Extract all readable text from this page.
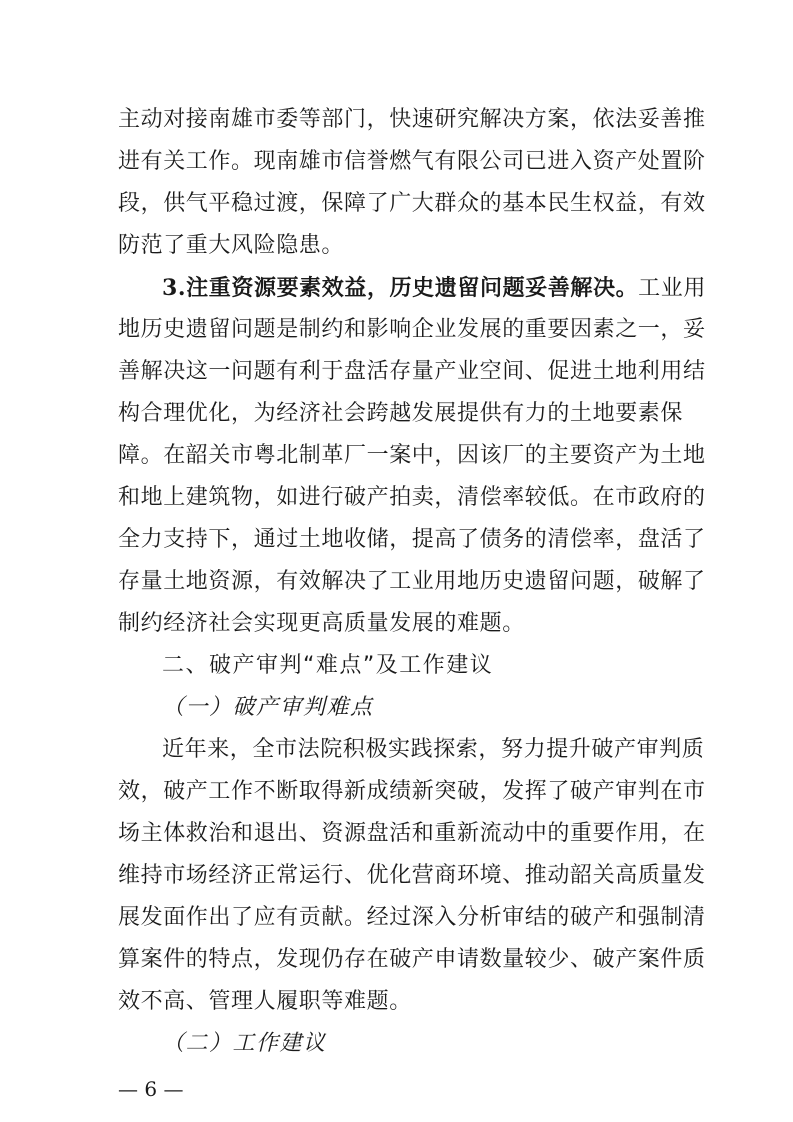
主动对接南雄市委等部门，快速研究解决方案，依法妥善推
进有关工作。现南雄市信誉燃气有限公司已进入资产处置阶
段，供气平稳过渡，保障了广大群众的基本民生权益，有效
防范了重大风险隐患。
3.注重资源要素效益，历史遗留问题妥善解决。工业用
地历史遗留问题是制约和影响企业发展的重要因素之一，妥
善解决这一问题有利于盘活存量产业空间、促进土地利用结
构合理优化，为经济社会跨越发展提供有力的土地要素保
障。在韶关市粤北制革厂一案中，因该厂的主要资产为土地
和地上建筑物，如进行破产拍卖，清偿率较低。在市政府的
全力支持下，通过土地收储，提高了债务的清偿率，盘活了
存量土地资源，有效解决了工业用地历史遗留问题，破解了
制约经济社会实现更高质量发展的难题。
二、破产审判“难点”及工作建议
（一）破产审判难点
近年来，全市法院积极实践探索，努力提升破产审判质
效，破产工作不断取得新成绩新突破，发挥了破产审判在市
场主体救治和退出、资源盘活和重新流动中的重要作用，在
维持市场经济正常运行、优化营商环境、推动韶关高质量发
展发面作出了应有贡献。经过深入分析审结的破产和强制清
算案件的特点，发现仍存在破产申请数量较少、破产案件质
效不高、管理人履职等难题。
（二）工作建议
— 6 —
